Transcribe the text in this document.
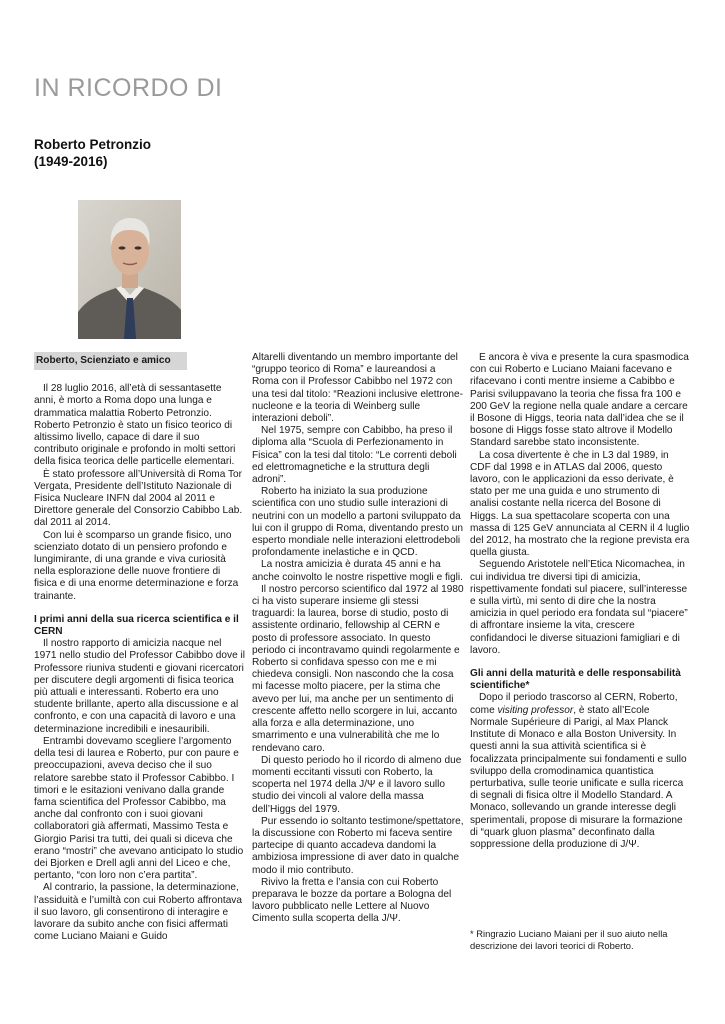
IN RICORDO DI
Roberto Petronzio
(1949-2016)
Roberto, Scienziato e amico

Il 28 luglio 2016, all’età di sessantasette anni, è morto a Roma dopo una lunga e drammatica malattia Roberto Petronzio. Roberto Petronzio è stato un fisico teorico di altissimo livello, capace di dare il suo contributo originale e profondo in molti settori della fisica teorica delle particelle elementari.

È stato professore all’Università di Roma Tor Vergata, Presidente dell’Istituto Nazionale di Fisica Nucleare INFN dal 2004 al 2011 e Direttore generale del Consorzio Cabibbo Lab. dal 2011 al 2014.

Con lui è scomparso un grande fisico, uno scienziato dotato di un pensiero profondo e lungimirante, di una grande e viva curiosità nella esplorazione delle nuove frontiere di fisica e di una enorme determinazione e forza trainante.

I primi anni della sua ricerca scientifica e il CERN

Il nostro rapporto di amicizia nacque nel 1971 nello studio del Professor Cabibbo dove il Professore riuniva studenti e giovani ricercatori per discutere degli argomenti di fisica teorica più attuali e interessanti. Roberto era uno studente brillante, aperto alla discussione e al confronto, e con una capacità di lavoro e una determinazione incredibili e inesauribili.

Entrambi dovevamo scegliere l’argomento della tesi di laurea e Roberto, pur con paure e preoccupazioni, aveva deciso che il suo relatore sarebbe stato il Professor Cabibbo. I timori e le esitazioni venivano dalla grande fama scientifica del Professor Cabibbo, ma anche dal confronto con i suoi giovani collaboratori già affermati, Massimo Testa e Giorgio Parisi tra tutti, dei quali si diceva che erano “mostri” che avevano anticipato lo studio dei Bjorken e Drell agli anni del Liceo e che, pertanto, “con loro non c’era partita”.

Al contrario, la passione, la determinazione, l’assiduità e l’umiltà con cui Roberto affrontava il suo lavoro, gli consentirono di interagire e lavorare da subito anche con fisici affermati come Luciano Maiani e Guido

Altarelli diventando un membro importante del “gruppo teorico di Roma” e laureandosi a Roma con il Professor Cabibbo nel 1972 con una tesi dal titolo: “Reazioni inclusive elettrone-nucleone e la teoria di Weinberg sulle interazioni deboli”.

Nel 1975, sempre con Cabibbo, ha preso il diploma alla “Scuola di Perfezionamento in Fisica” con la tesi dal titolo: “Le correnti deboli ed elettromagnetiche e la struttura degli adroni”.

Roberto ha iniziato la sua produzione scientifica con uno studio sulle interazioni di neutrini con un modello a partoni sviluppato da lui con il gruppo di Roma, diventando presto un esperto mondiale nelle interazioni elettrodeboli profondamente inelastiche e in QCD.

La nostra amicizia è durata 45 anni e ha anche coinvolto le nostre rispettive mogli e figli.

Il nostro percorso scientifico dal 1972 al 1980 ci ha visto superare insieme gli stessi traguardi: la laurea, borse di studio, posto di assistente ordinario, fellowship al CERN e posto di professore associato. In questo periodo ci incontravamo quindi regolarmente e Roberto si confidava spesso con me e mi chiedeva consigli. Non nascondo che la cosa mi facesse molto piacere, per la stima che avevo per lui, ma anche per un sentimento di crescente affetto nello scorgere in lui, accanto alla forza e alla determinazione, uno smarrimento e una vulnerabilità che me lo rendevano caro.

Di questo periodo ho il ricordo di almeno due momenti eccitanti vissuti con Roberto, la scoperta nel 1974 della J/Ψ e il lavoro sullo studio dei vincoli al valore della massa dell’Higgs del 1979.

Pur essendo io soltanto testimone/spettatore, la discussione con Roberto mi faceva sentire partecipe di quanto accadeva dandomi la ambiziosa impressione di aver dato in qualche modo il mio contributo.

Rivivo la fretta e l’ansia con cui Roberto preparava le bozze da portare a Bologna del lavoro pubblicato nelle Lettere al Nuovo Cimento sulla scoperta della J/Ψ.

E ancora è viva e presente la cura spasmodica con cui Roberto e Luciano Maiani facevano e rifacevano i conti mentre insieme a Cabibbo e Parisi sviluppavano la teoria che fissa fra 100 e 200 GeV la regione nella quale andare a cercare il Bosone di Higgs, teoria nata dall’idea che se il bosone di Higgs fosse stato altrove il Modello Standard sarebbe stato inconsistente.

La cosa divertente è che in L3 dal 1989, in CDF dal 1998 e in ATLAS dal 2006, questo lavoro, con le applicazioni da esso derivate, è stato per me una guida e uno strumento di analisi costante nella ricerca del Bosone di Higgs. La sua spettacolare scoperta con una massa di 125 GeV annunciata al CERN il 4 luglio del 2012, ha mostrato che la regione prevista era quella giusta.

Seguendo Aristotele nell’Etica Nicomachea, in cui individua tre diversi tipi di amicizia, rispettivamente fondati sul piacere, sull’interesse e sulla virtù, mi sento di dire che la nostra amicizia in quel periodo era fondata sul “piacere” di affrontare insieme la vita, crescere confidandoci le diverse situazioni famigliari e di lavoro.

Gli anni della maturità e delle responsabilità scientifiche*

Dopo il periodo trascorso al CERN, Roberto, come visiting professor, è stato all’Ecole Normale Supérieure di Parigi, al Max Planck Institute di Monaco e alla Boston University. In questi anni la sua attività scientifica si è focalizzata principalmente sui fondamenti e sullo sviluppo della cromodinamica quantistica perturbativa, sulle teorie unificate e sulla ricerca di segnali di fisica oltre il Modello Standard. A Monaco, sollevando un grande interesse degli sperimentali, propose di misurare la formazione di “quark gluon plasma” deconfinato dalla soppressione della produzione di J/Ψ.

* Ringrazio Luciano Maiani per il suo aiuto nella descrizione dei lavori teorici di Roberto.
